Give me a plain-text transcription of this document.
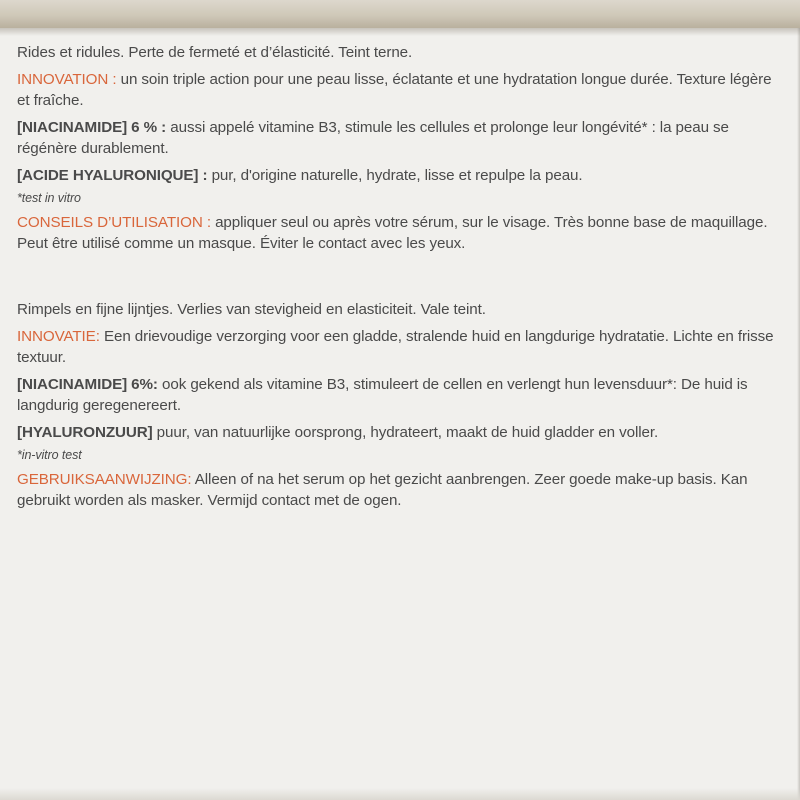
Rides et ridules. Perte de fermeté et d’élasticité. Teint terne.

INNOVATION : un soin triple action pour une peau lisse, éclatante et une hydratation longue durée. Texture légère et fraîche.

[NIACINAMIDE] 6 % : aussi appelé vitamine B3, stimule les cellules et prolonge leur longévité* : la peau se régénère durablement.

[ACIDE HYALURONIQUE] : pur, d'origine naturelle, hydrate, lisse et repulpe la peau.

*test in vitro

CONSEILS D’UTILISATION : appliquer seul ou après votre sérum, sur le visage. Très bonne base de maquillage. Peut être utilisé comme un masque. Éviter le contact avec les yeux.

Rimpels en fijne lijntjes. Verlies van stevigheid en elasticiteit. Vale teint.

INNOVATIE: Een drievoudige verzorging voor een gladde, stralende huid en langdurige hydratatie. Lichte en frisse textuur.

[NIACINAMIDE] 6%: ook gekend als vitamine B3, stimuleert de cellen en verlengt hun levensduur*: De huid is langdurig geregenereert.

[HYALURONZUUR] puur, van natuurlijke oorsprong, hydrateert, maakt de huid gladder en voller.

*in-vitro test

GEBRUIKSAANWIJZING: Alleen of na het serum op het gezicht aanbrengen. Zeer goede make-up basis. Kan gebruikt worden als masker. Vermijd contact met de ogen.
